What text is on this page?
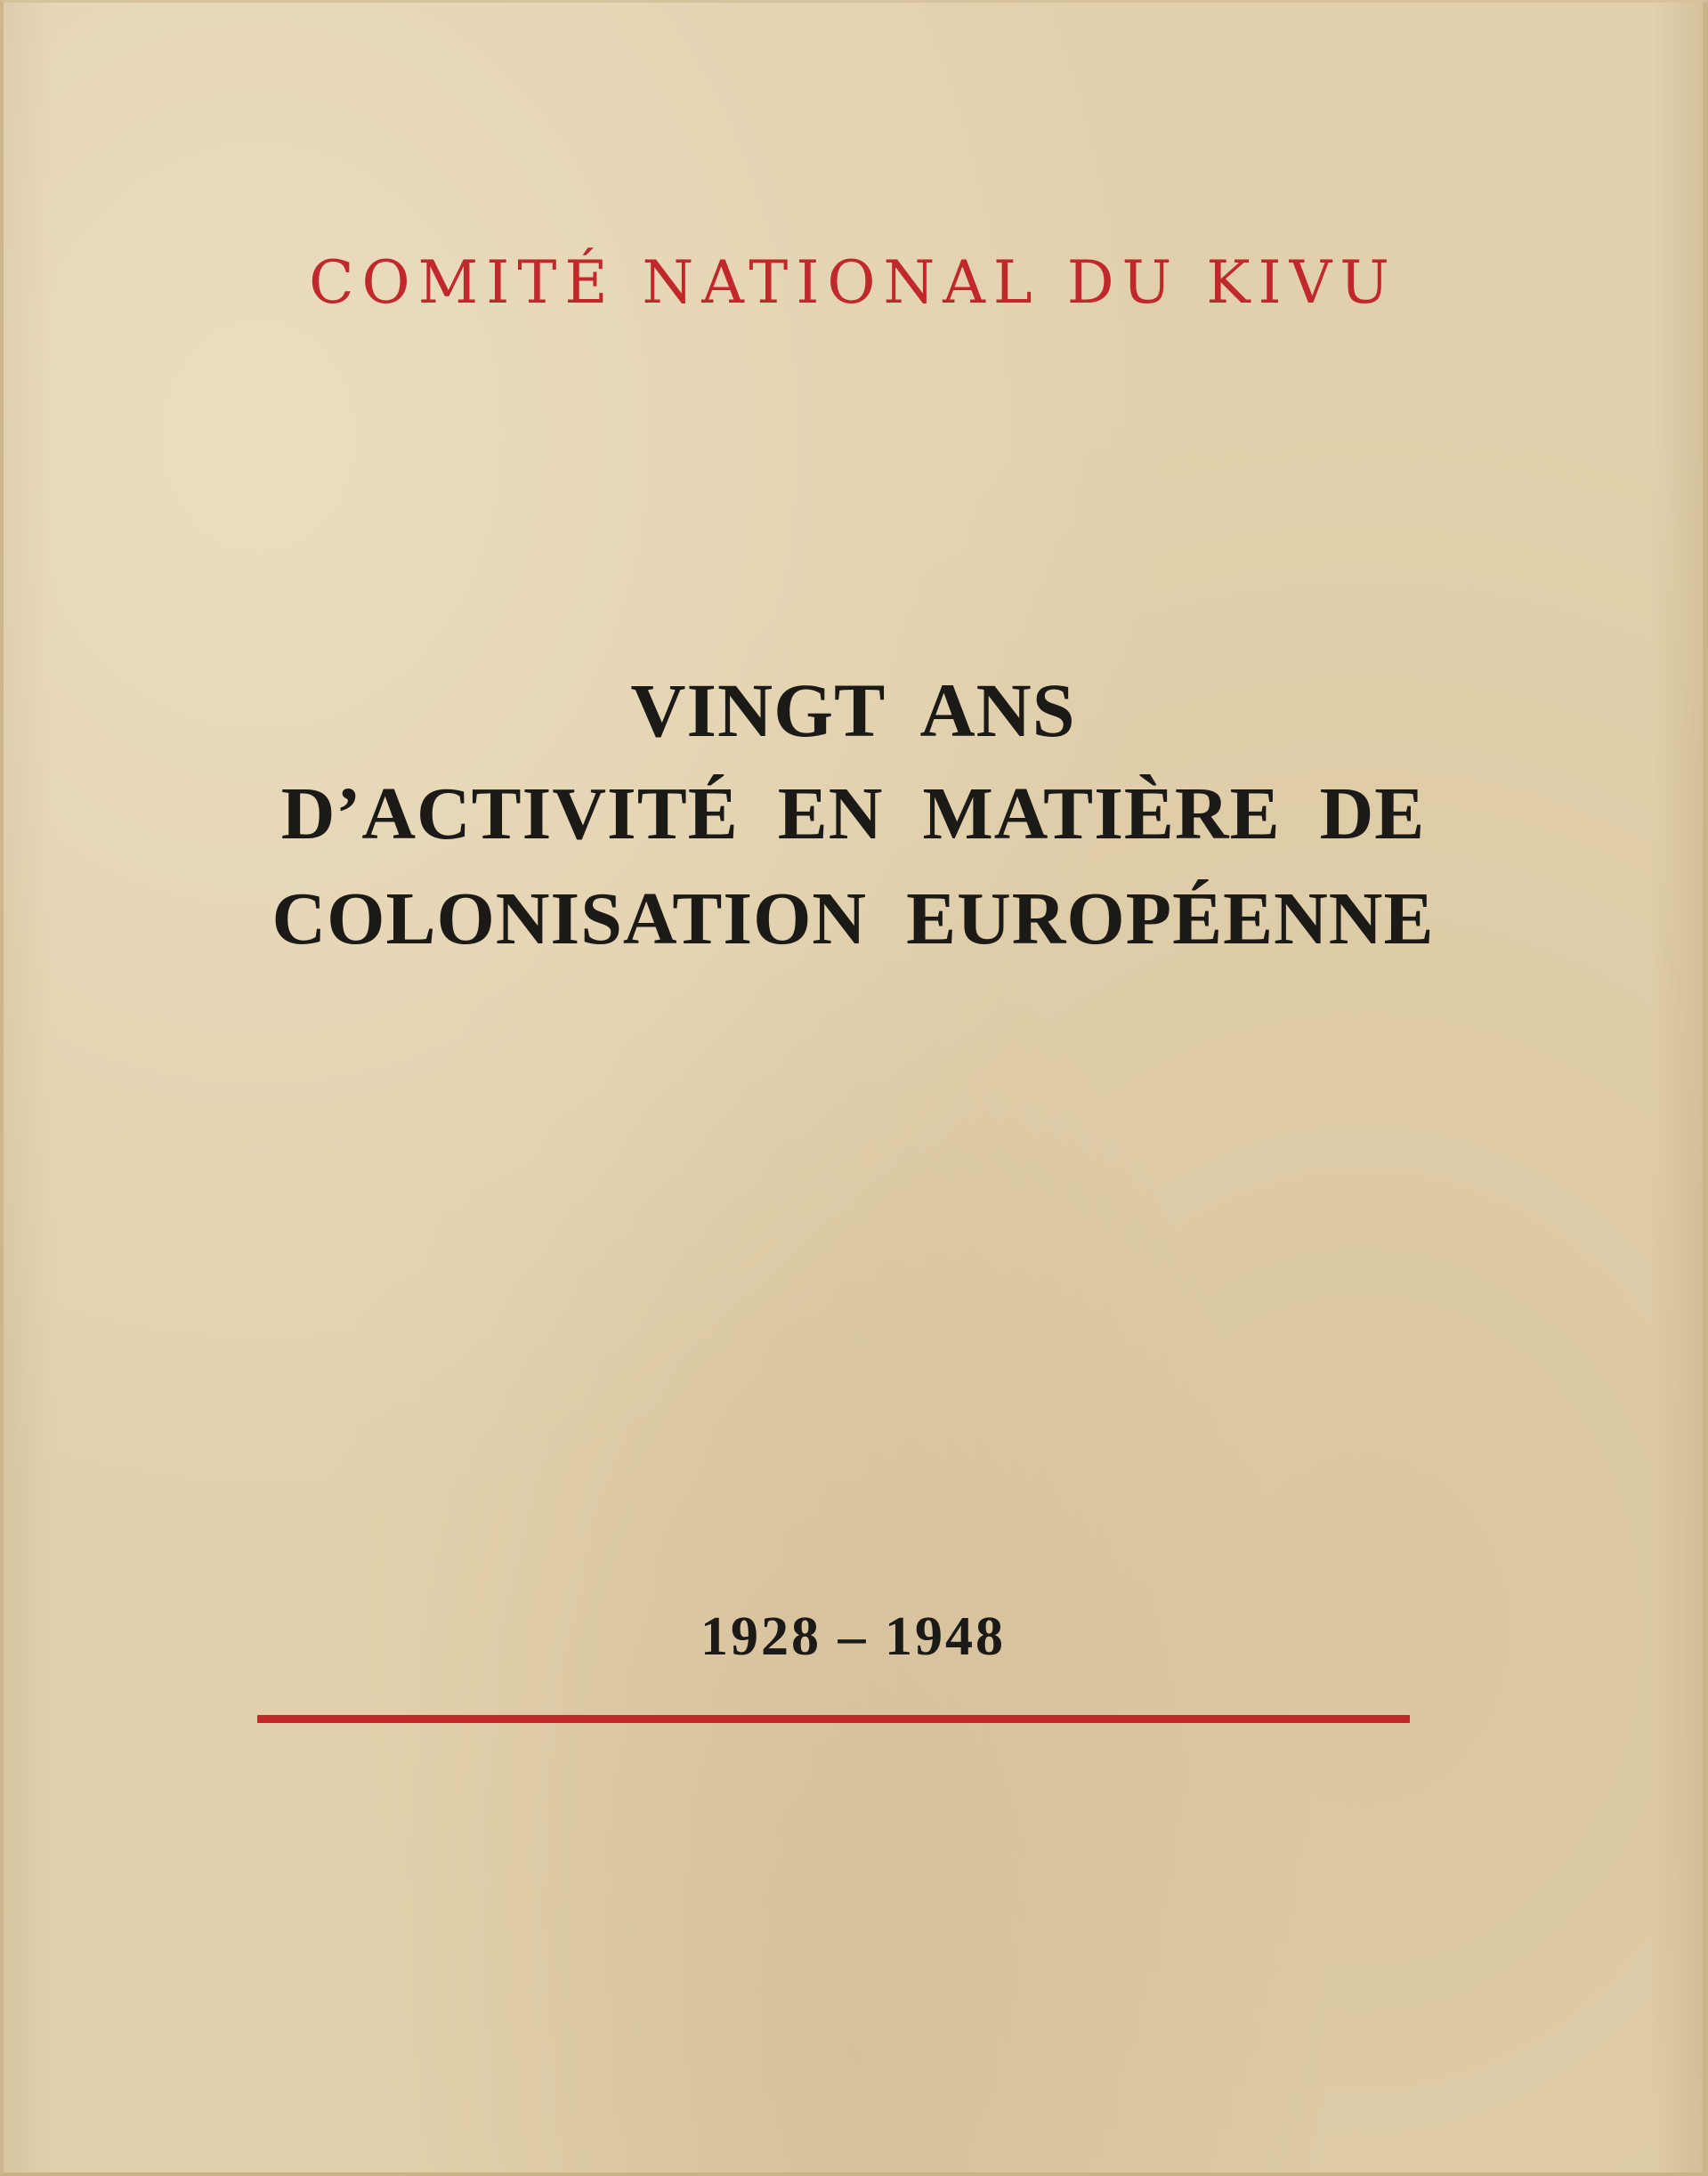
COMITÉ NATIONAL DU KIVU
VINGT ANS
D’ACTIVITÉ EN MATIÈRE DE
COLONISATION EUROPÉENNE
1928 – 1948
